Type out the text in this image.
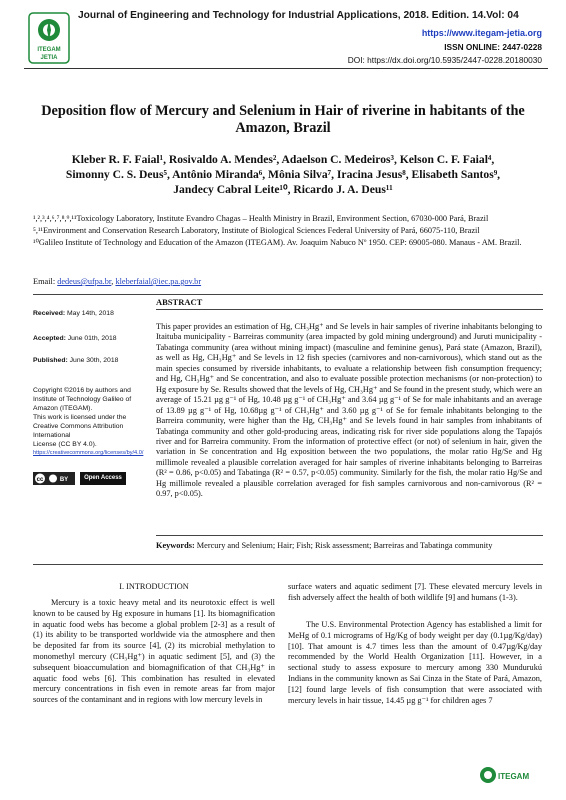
ITEGAM
JETIA
Journal of Engineering and Technology for Industrial Applications, 2018. Edition. 14.Vol: 04
https://www.itegam-jetia.org
ISSN ONLINE: 2447-0228
DOI: https://dx.doi.org/10.5935/2447-0228.20180030
Deposition flow of Mercury and Selenium in Hair of riverine in habitants of the Amazon, Brazil
Kleber R. F. Faial¹, Rosivaldo A. Mendes², Adaelson C. Medeiros³, Kelson C. F. Faial⁴,
Simonny C. S. Deus⁵, Antônio Miranda⁶, Mônia Silva⁷, Iracina Jesus⁸, Elisabeth Santos⁹,
Jandecy Cabral Leite¹⁰, Ricardo J. A. Deus¹¹
¹,²,³,⁴,⁶,⁷,⁸,⁹,¹¹Toxicology Laboratory, Institute Evandro Chagas – Health Ministry in Brazil, Environment Section, 67030-000 Pará, Brazil
⁵,¹¹Environment and Conservation Research Laboratory, Institute of Biological Sciences Federal University of Pará, 66075-110, Brazil
¹⁰Galileo Institute of Technology and Education of the Amazon (ITEGAM). Av. Joaquim Nabuco Nº 1950. CEP: 69005-080. Manaus - AM. Brazil.
Email: dedeus@ufpa.br, kleberfaial@iec.pa.gov.br
ABSTRACT
Received: May 14th, 2018
Accepted: June 01th, 2018
Published: June 30th, 2018
Copyright ©2016 by authors and
Institute of Technology Galileo of
Amazon (ITEGAM).
This work is licensed under the
Creative Commons Attribution
International
License (CC BY 4.0).
https://creativecommons.org/licenses/by/4.0/
cc	BY	Open Access
This paper provides an estimation of Hg, CH₃Hg⁺ and Se levels in hair samples of riverine inhabitants belonging to Itaituba municipality - Barreiras community (area impacted by gold mining underground) and Juruti municipality - Tabatinga community (area without mining impact) (masculine and feminine genus), Pará state (Amazon, Brazil), as well as Hg, CH₃Hg⁺ and Se levels in 12 fish species (carnivores and non-carnivorous), which stand out as the main species consumed by riverside inhabitants, to evaluate a relationship between fish consumption frequency; and Hg, CH₃Hg⁺ and Se concentration, and also to evaluate possible protection mechanisms (or non-protection) to Hg exposure by Se. Results showed that the levels of Hg, CH₃Hg⁺ and Se found in the present study, which were an average of 15.21 µg g⁻¹ of Hg, 10.48 µg g⁻¹ of CH₃Hg⁺ and 3.64 µg g⁻¹ of Se for male inhabitants and an average of 13.89 µg g⁻¹ of Hg, 10.68µg g⁻¹ of CH₃Hg⁺ and 3.60 µg g⁻¹ of Se for female inhabitants belonging to the Barreira community, were higher than the Hg, CH₃Hg⁺ and Se levels found in hair samples from inhabitants of Tabatinga community and other gold-producing areas, indicating risk for river side populations along the Tapajós river and for Barreira community. From the information of protective effect (or not) of selenium in hair, given the variation in Se concentration and Hg exposition between the two populations, the molar ratio Hg/Se and Hg millimole revealed a plausible correlation averaged for hair samples of riverine inhabitants belonging to Barreiras (R² = 0.86, p<0.05) and Tabatinga (R² = 0.57, p<0.05) community. Similarly for the fish, the molar ratio Hg/Se and Hg millimole revealed a plausible correlation averaged for fish samples carnivorous and non-carnivorous (R² = 0.97, p<0.05).
Keywords: Mercury and Selenium; Hair; Fish; Risk assessment; Barreiras and Tabatinga community
I. INTRODUCTION
Mercury is a toxic heavy metal and its neurotoxic effect is well known to be caused by Hg exposure in humans [1]. Its biomagnification in aquatic food webs has become a global problem [2-3] as a result of (1) its ability to be transported worldwide via the atmosphere and then be deposited far from its source [4], (2) its microbial methylation to monomethyl mercury (CH₃Hg⁺) in aquatic sediment [5], and (3) the subsequent bioaccumulation and biomagnification of that CH₃Hg⁺ in aquatic food webs [6]. This combination has resulted in elevated mercury concentrations in fish even in remote areas far from major sources of the contaminant and in regions with low mercury levels in
surface waters and aquatic sediment [7]. These elevated mercury levels in fish adversely affect the health of both wildlife [9] and humans (1-3).
The U.S. Environmental Protection Agency has established a limit for MeHg of 0.1 micrograms of Hg/Kg of body weight per day (0.1µg/Kg/day) [10]. That amount is 4.7 times less than the amount of 0.47µg/Kg/day recommended by the World Health Organization [11]. However, in a sectional study to assess exposure to mercury among 330 Mundurukú Indians in the community known as Sai Cinza in the State of Pará, Amazon, [12] found large levels of fish consumption that were associated with mercury levels in hair tissue, 14.45 µg g⁻¹ for children ages 7
ITEGAM
